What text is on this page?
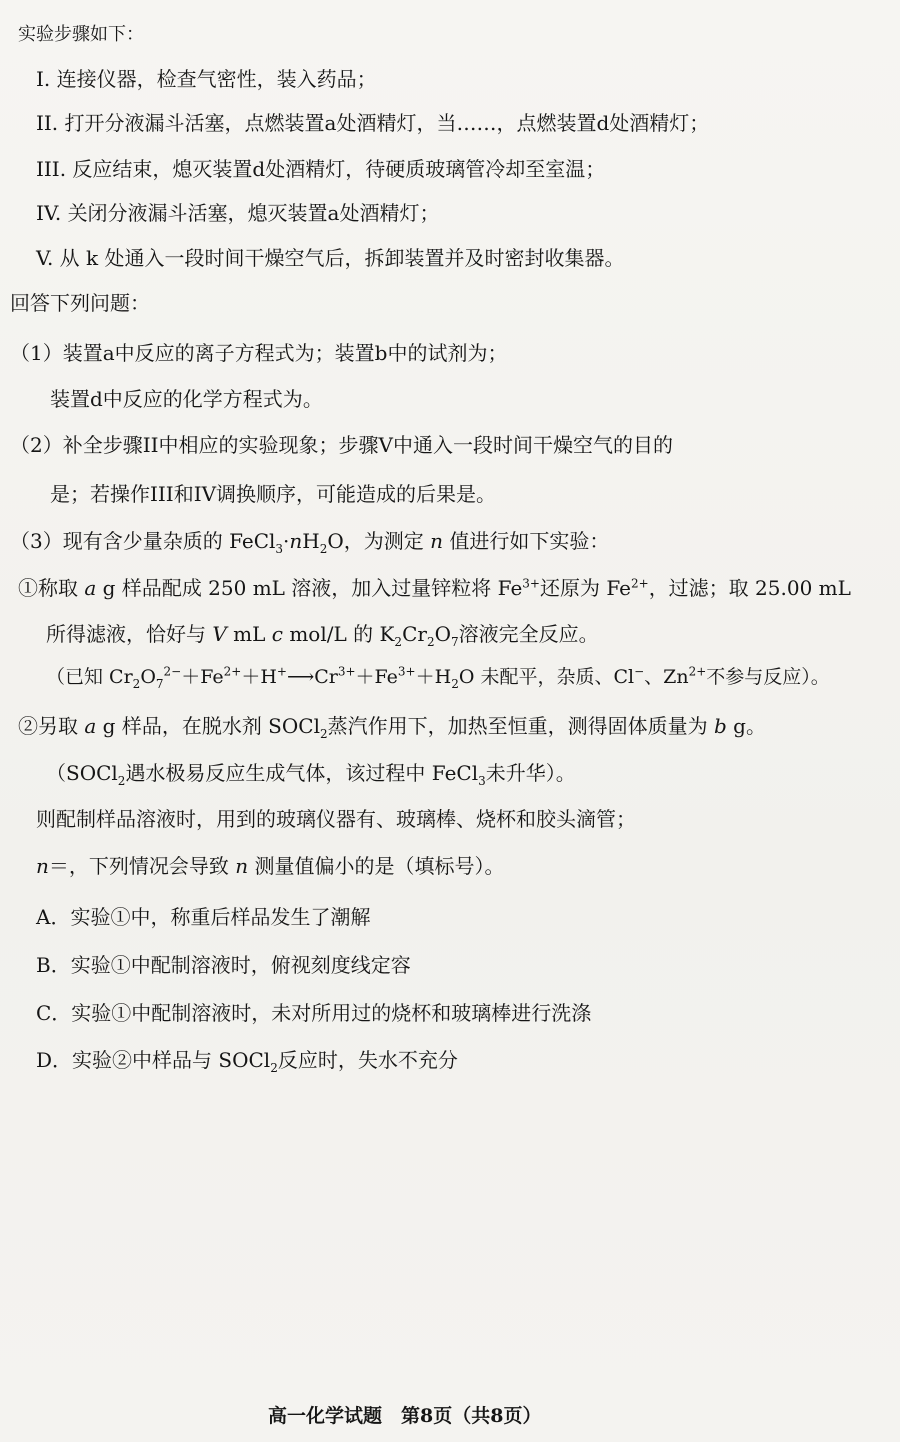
实验步骤如下：
I. 连接仪器，检查气密性，装入药品；
II. 打开分液漏斗活塞，点燃装置a处酒精灯，当……，点燃装置d处酒精灯；
III. 反应结束，熄灭装置d处酒精灯，待硬质玻璃管冷却至室温；
IV. 关闭分液漏斗活塞，熄灭装置a处酒精灯；
V. 从 k 处通入一段时间干燥空气后，拆卸装置并及时密封收集器。
回答下列问题：
（1）装置a中反应的离子方程式为；装置b中的试剂为；
装置d中反应的化学方程式为。
（2）补全步骤II中相应的实验现象；步骤V中通入一段时间干燥空气的目的
是；若操作III和IV调换顺序，可能造成的后果是。
（3）现有含少量杂质的 $FeCl_3\cdot nH_2O$，为测定 n 值进行如下实验：
①称取 a g 样品配成 250 mL 溶液，加入过量锌粒将 $Fe^{3+}$还原为 $Fe^{2+}$，过滤；取 25.00 mL
所得滤液，恰好与 V mL c mol/L 的 $K_2Cr_2O_7$溶液完全反应。
（已知 $Cr_2O_7^{2-}+Fe^{2+}+H^+⟶Cr^{3+}+Fe^{3+}+H_2O$ 未配平，杂质、Cl−、$Zn^{2+}$不参与反应）。
②另取 a g 样品，在脱水剂 SOCl$_2$蒸汽作用下，加热至恒重，测得固体质量为 b g。
（SOCl$_2$遇水极易反应生成气体，该过程中 FeCl$_3$未升华）。
则配制样品溶液时，用到的玻璃仪器有、玻璃棒、烧杯和胶头滴管；
n＝，下列情况会导致 n 测量值偏小的是（填标号）。
A．实验①中，称重后样品发生了潮解
B．实验①中配制溶液时，俯视刻度线定容
C．实验①中配制溶液时，未对所用过的烧杯和玻璃棒进行洗涤
D．实验②中样品与 SOCl$_2$反应时，失水不充分
高一化学试题　第8页（共8页）
